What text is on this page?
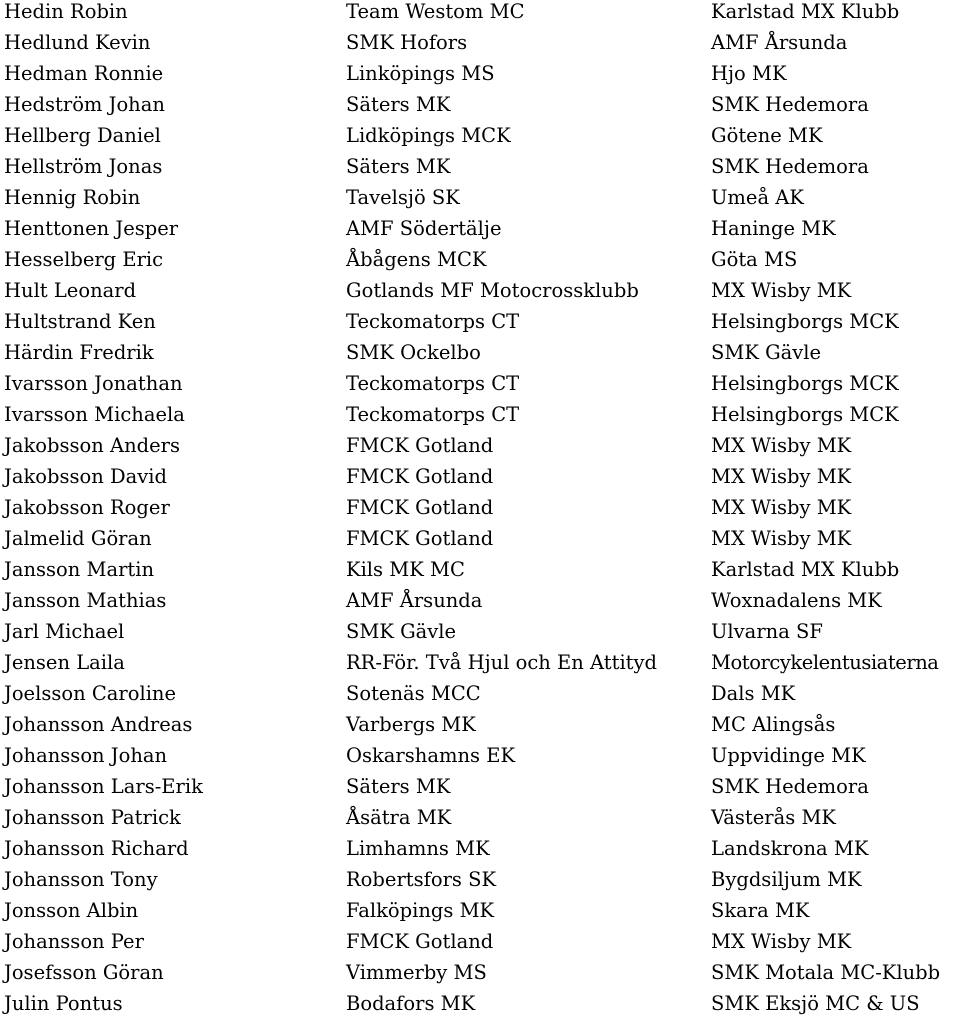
Hedin Robin	Team Westom MC	Karlstad MX Klubb
Hedlund Kevin	SMK Hofors	AMF Årsunda
Hedman Ronnie	Linköpings MS	Hjo MK
Hedström Johan	Säters MK	SMK Hedemora
Hellberg Daniel	Lidköpings MCK	Götene MK
Hellström Jonas	Säters MK	SMK Hedemora
Hennig Robin	Tavelsjö SK	Umeå AK
Henttonen Jesper	AMF Södertälje	Haninge MK
Hesselberg Eric	Åbågens MCK	Göta MS
Hult Leonard	Gotlands MF Motocrossklubb	MX Wisby MK
Hultstrand Ken	Teckomatorps CT	Helsingborgs MCK
Härdin Fredrik	SMK Ockelbo	SMK Gävle
Ivarsson Jonathan	Teckomatorps CT	Helsingborgs MCK
Ivarsson Michaela	Teckomatorps CT	Helsingborgs MCK
Jakobsson Anders	FMCK Gotland	MX Wisby MK
Jakobsson David	FMCK Gotland	MX Wisby MK
Jakobsson Roger	FMCK Gotland	MX Wisby MK
Jalmelid Göran	FMCK Gotland	MX Wisby MK
Jansson Martin	Kils MK MC	Karlstad MX Klubb
Jansson Mathias	AMF Årsunda	Woxnadalens MK
Jarl Michael	SMK Gävle	Ulvarna SF
Jensen Laila	RR-För. Två Hjul och En Attityd	Motorcykelentusiaterna
Joelsson Caroline	Sotenäs MCC	Dals MK
Johansson Andreas	Varbergs MK	MC Alingsås
Johansson Johan	Oskarshamns EK	Uppvidinge MK
Johansson Lars-Erik	Säters MK	SMK Hedemora
Johansson Patrick	Åsätra MK	Västerås MK
Johansson Richard	Limhamns MK	Landskrona MK
Johansson Tony	Robertsfors SK	Bygdsiljum MK
Jonsson Albin	Falköpings MK	Skara MK
Johansson Per	FMCK Gotland	MX Wisby MK
Josefsson Göran	Vimmerby MS	SMK Motala MC-Klubb
Julin Pontus	Bodafors MK	SMK Eksjö MC & US
